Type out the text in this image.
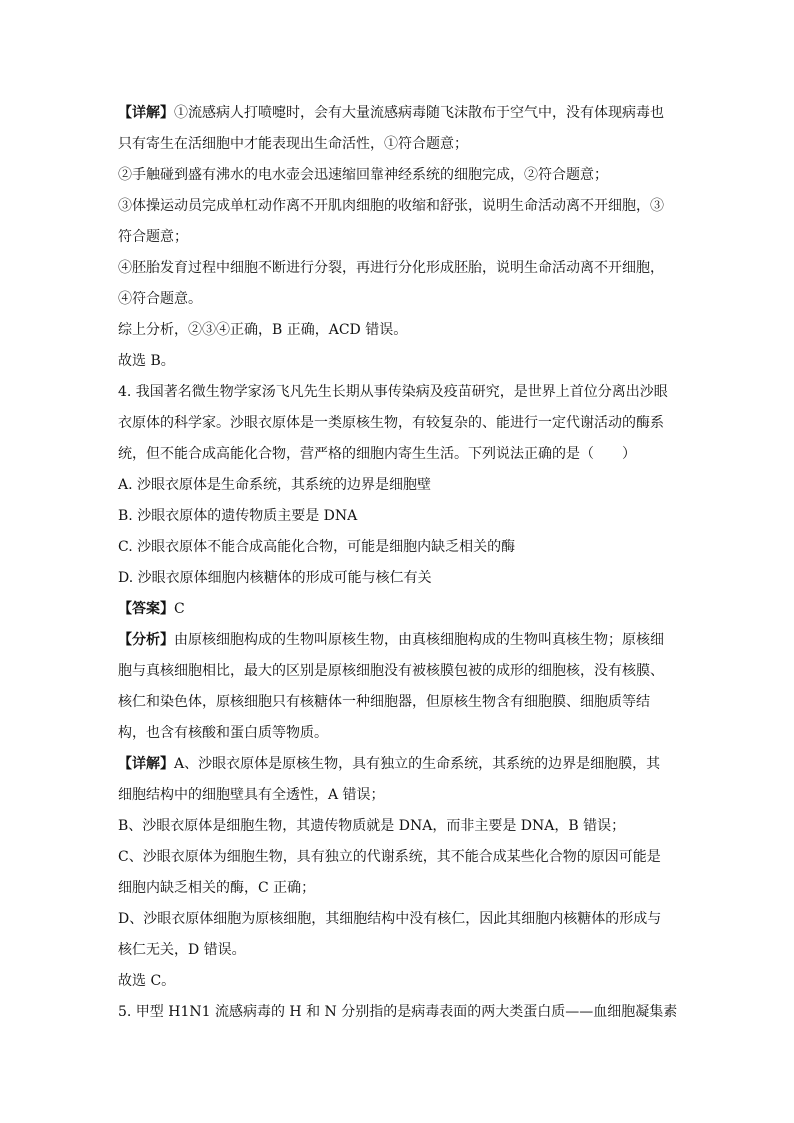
【详解】①流感病人打喷嚏时，会有大量流感病毒随飞沫散布于空气中，没有体现病毒也

只有寄生在活细胞中才能表现出生命活性，①符合题意；

②手触碰到盛有沸水的电水壶会迅速缩回靠神经系统的细胞完成，②符合题意；

③体操运动员完成单杠动作离不开肌肉细胞的收缩和舒张，说明生命活动离不开细胞，③

符合题意；

④胚胎发育过程中细胞不断进行分裂，再进行分化形成胚胎，说明生命活动离不开细胞，

④符合题意。

综上分析，②③④正确，B 正确，ACD 错误。

故选 B。

4. 我国著名微生物学家汤飞凡先生长期从事传染病及疫苗研究，是世界上首位分离出沙眼

衣原体的科学家。沙眼衣原体是一类原核生物，有较复杂的、能进行一定代谢活动的酶系

统，但不能合成高能化合物，营严格的细胞内寄生生活。下列说法正确的是（　　）

A. 沙眼衣原体是生命系统，其系统的边界是细胞壁

B. 沙眼衣原体的遗传物质主要是 DNA

C. 沙眼衣原体不能合成高能化合物，可能是细胞内缺乏相关的酶

D. 沙眼衣原体细胞内核糖体的形成可能与核仁有关

【答案】C

【分析】由原核细胞构成的生物叫原核生物，由真核细胞构成的生物叫真核生物；原核细

胞与真核细胞相比，最大的区别是原核细胞没有被核膜包被的成形的细胞核，没有核膜、

核仁和染色体，原核细胞只有核糖体一种细胞器，但原核生物含有细胞膜、细胞质等结

构，也含有核酸和蛋白质等物质。

【详解】A、沙眼衣原体是原核生物，具有独立的生命系统，其系统的边界是细胞膜，其

细胞结构中的细胞壁具有全透性，A 错误；

B、沙眼衣原体是细胞生物，其遗传物质就是 DNA，而非主要是 DNA，B 错误；

C、沙眼衣原体为细胞生物，具有独立的代谢系统，其不能合成某些化合物的原因可能是

细胞内缺乏相关的酶，C 正确；

D、沙眼衣原体细胞为原核细胞，其细胞结构中没有核仁，因此其细胞内核糖体的形成与

核仁无关，D 错误。

故选 C。

5. 甲型 H1N1 流感病毒的 H 和 N 分别指的是病毒表面的两大类蛋白质——血细胞凝集素
